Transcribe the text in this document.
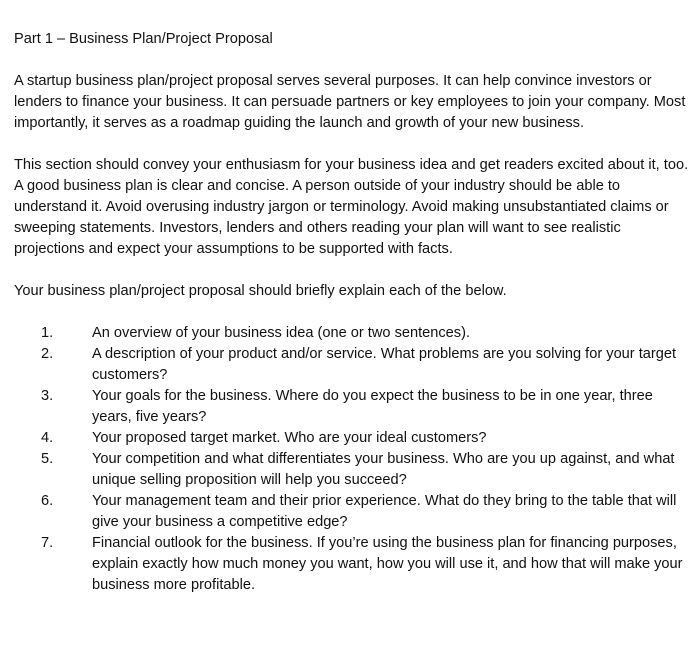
Part 1 – Business Plan/Project Proposal

A startup business plan/project proposal serves several purposes. It can help convince investors or lenders to finance your business. It can persuade partners or key employees to join your company. Most importantly, it serves as a roadmap guiding the launch and growth of your new business.

This section should convey your enthusiasm for your business idea and get readers excited about it, too. A good business plan is clear and concise. A person outside of your industry should be able to understand it. Avoid overusing industry jargon or terminology. Avoid making unsubstantiated claims or sweeping statements. Investors, lenders and others reading your plan will want to see realistic projections and expect your assumptions to be supported with facts.

Your business plan/project proposal should briefly explain each of the below.

1.	An overview of your business idea (one or two sentences).
2.	A description of your product and/or service. What problems are you solving for your target customers?
3.	Your goals for the business. Where do you expect the business to be in one year, three years, five years?
4.	Your proposed target market. Who are your ideal customers?
5.	Your competition and what differentiates your business. Who are you up against, and what unique selling proposition will help you succeed?
6.	Your management team and their prior experience. What do they bring to the table that will give your business a competitive edge?
7.	Financial outlook for the business. If you’re using the business plan for financing purposes, explain exactly how much money you want, how you will use it, and how that will make your business more profitable.
